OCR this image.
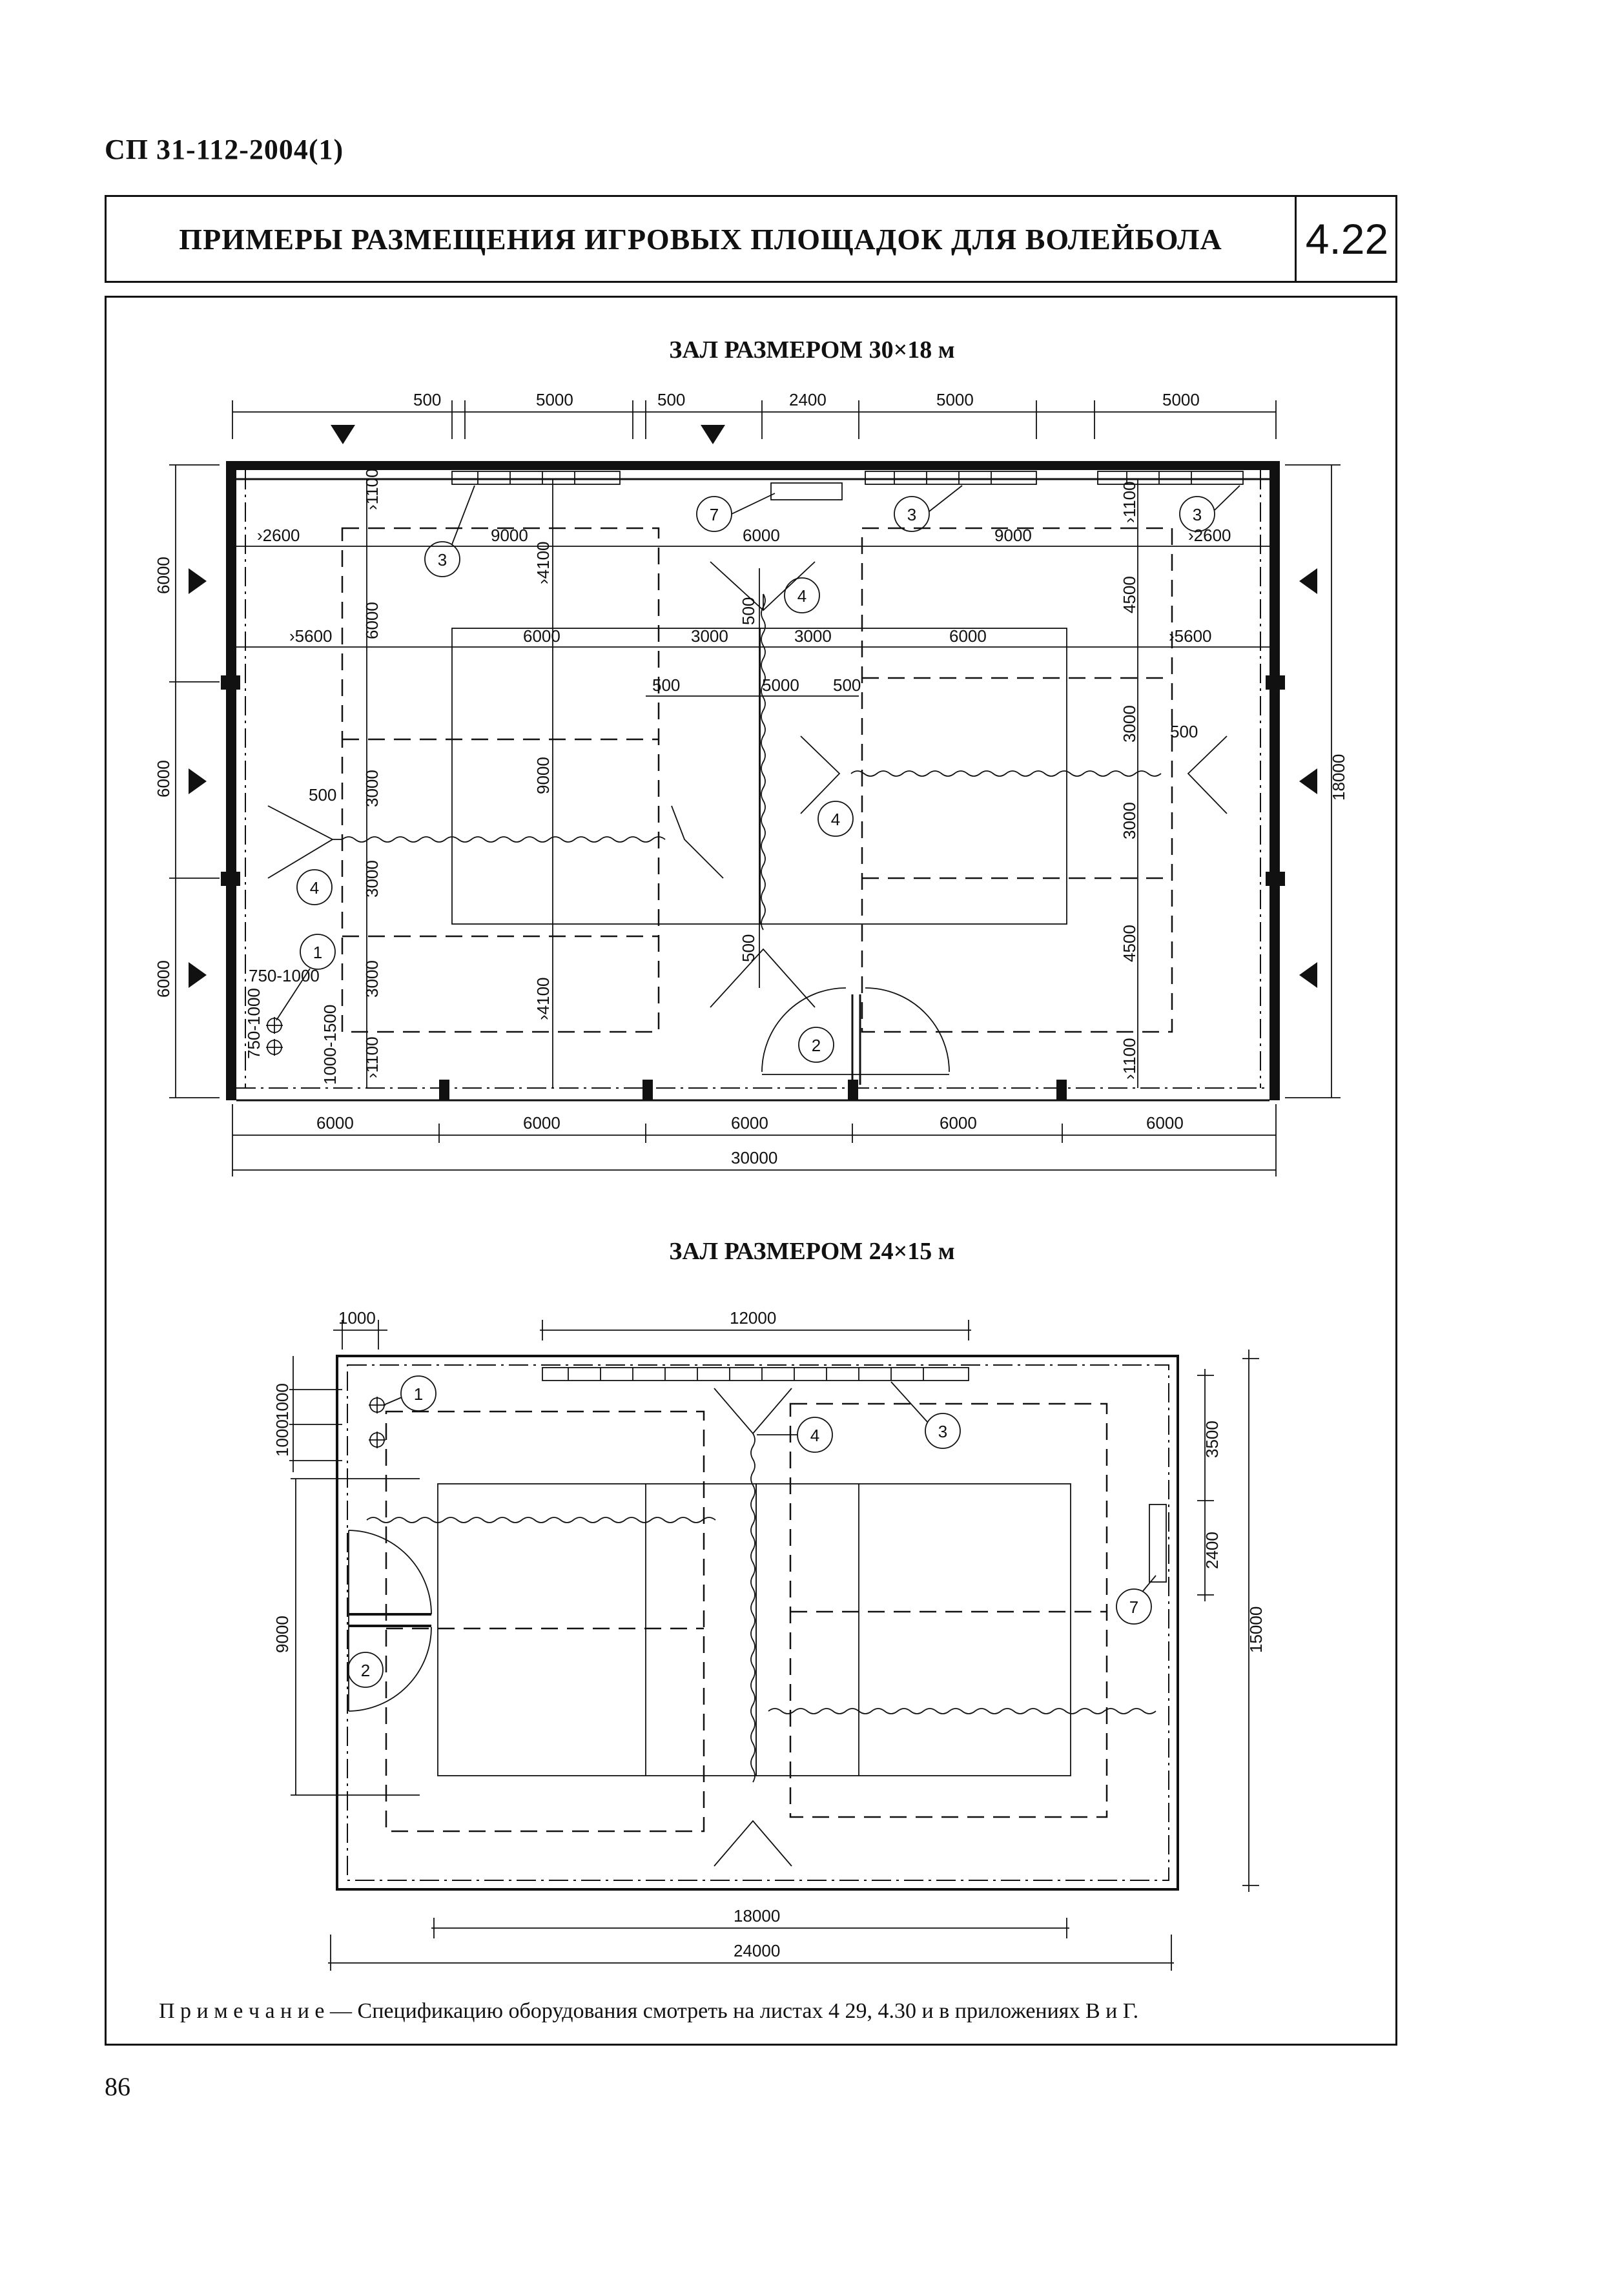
СП 31-112-2004(1)
ПРИМЕРЫ РАЗМЕЩЕНИЯ ИГРОВЫХ ПЛОЩАДОК ДЛЯ ВОЛЕЙБОЛА	4.22
ЗАЛ РАЗМЕРОМ 30×18 м
ЗАЛ РАЗМЕРОМ 24×15 м
500	5000	500	2400	5000	5000
6000
6000
6000
18000
6000	6000	6000	6000	6000
30000
›2600	9000	6000	9000	›2600
›5600	6000	3000	3000	6000	›5600
500	5000 500
500
500
750-1000
›1100
6000
3000
3000
3000
›1100
›4100
9000
›4100
500
500
›1100
4500
3000
3000
4500
›1100
750-1000	1000-1500
3
7	3	3
4
4
4
1
2
1000	12000
1000
1000
9000
3500
2400
15000
18000
24000
1
2
3
4
7
П р и м е ч а н и е — Спецификацию оборудования смотреть на листах 4 29, 4.30 и в приложениях В и Г.
86
